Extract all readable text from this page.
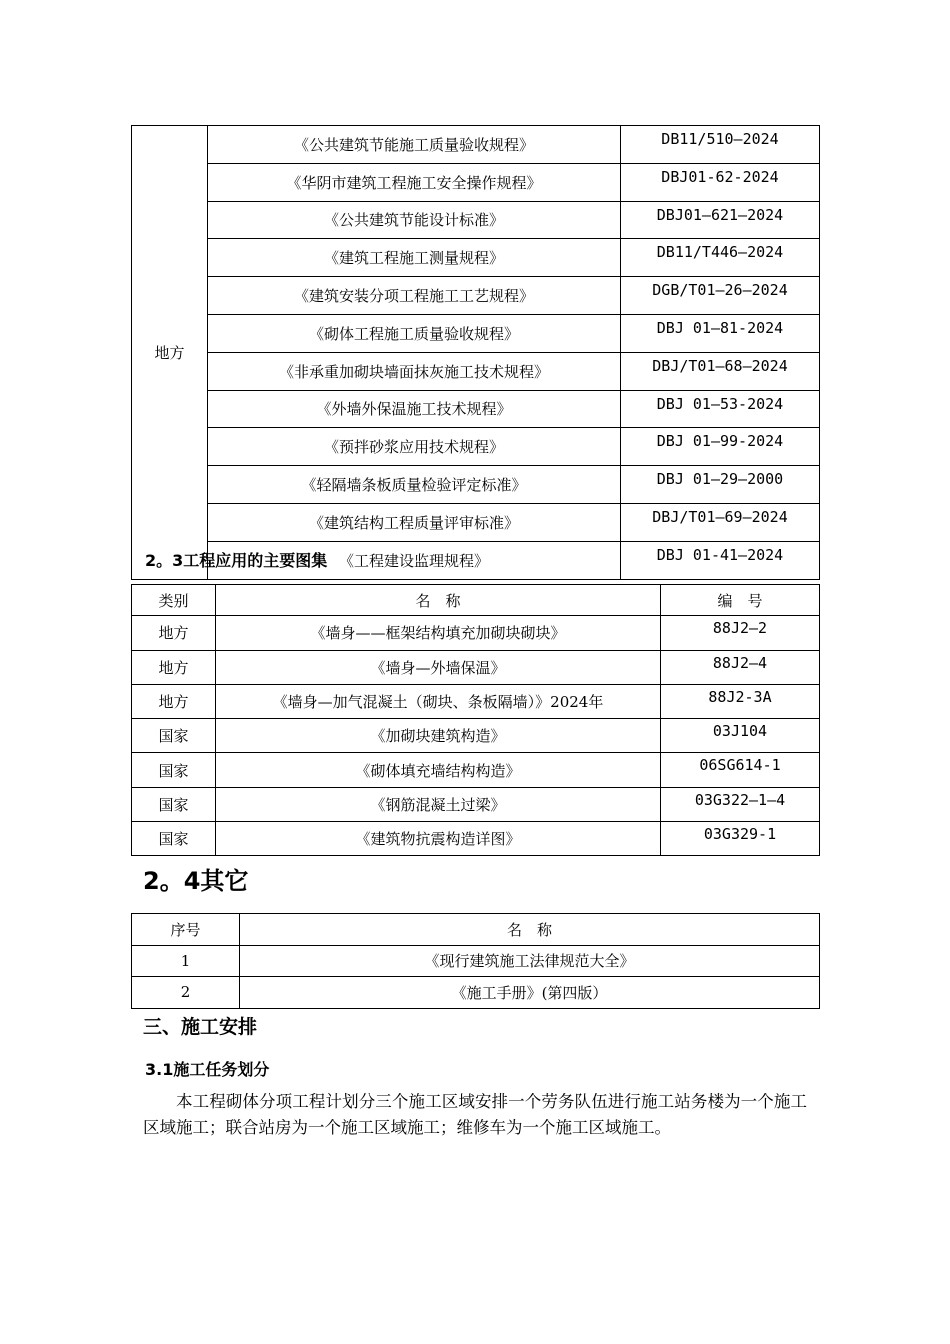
地方	《公共建筑节能施工质量验收规程》	DB11/510—2024
	《华阴市建筑工程施工安全操作规程》	DBJ01-62-2024
	《公共建筑节能设计标准》	DBJ01—621—2024
	《建筑工程施工测量规程》	DB11/T446—2024
	《建筑安装分项工程施工工艺规程》	DGB/T01—26—2024
	《砌体工程施工质量验收规程》	DBJ 01—81-2024
	《非承重加砌块墙面抹灰施工技术规程》	DBJ/T01—68—2024
	《外墙外保温施工技术规程》	DBJ 01—53-2024
	《预拌砂浆应用技术规程》	DBJ 01—99-2024
	《轻隔墙条板质量检验评定标准》	DBJ 01—29—2000
	《建筑结构工程质量评审标准》	DBJ/T01—69—2024
	《工程建设监理规程》	DBJ 01-41—2024
2。3工程应用的主要图集
类别	名　称	编　号
地方	《墙身——框架结构填充加砌块砌块》	88J2—2
地方	《墙身—外墙保温》	88J2—4
地方	《墙身—加气混凝土（砌块、条板隔墙）》2024年	88J2-3A
国家	《加砌块建筑构造》	03J104
国家	《砌体填充墙结构构造》	06SG614-1
国家	《钢筋混凝土过梁》	03G322—1—4
国家	《建筑物抗震构造详图》	03G329-1
2。4其它
序号	名　称
1	《现行建筑施工法律规范大全》
2	《施工手册》(第四版）
三、施工安排
3.1施工任务划分
本工程砌体分项工程计划分三个施工区域安排一个劳务队伍进行施工站务楼为一个施工区域施工；联合站房为一个施工区域施工；维修车为一个施工区域施工。
